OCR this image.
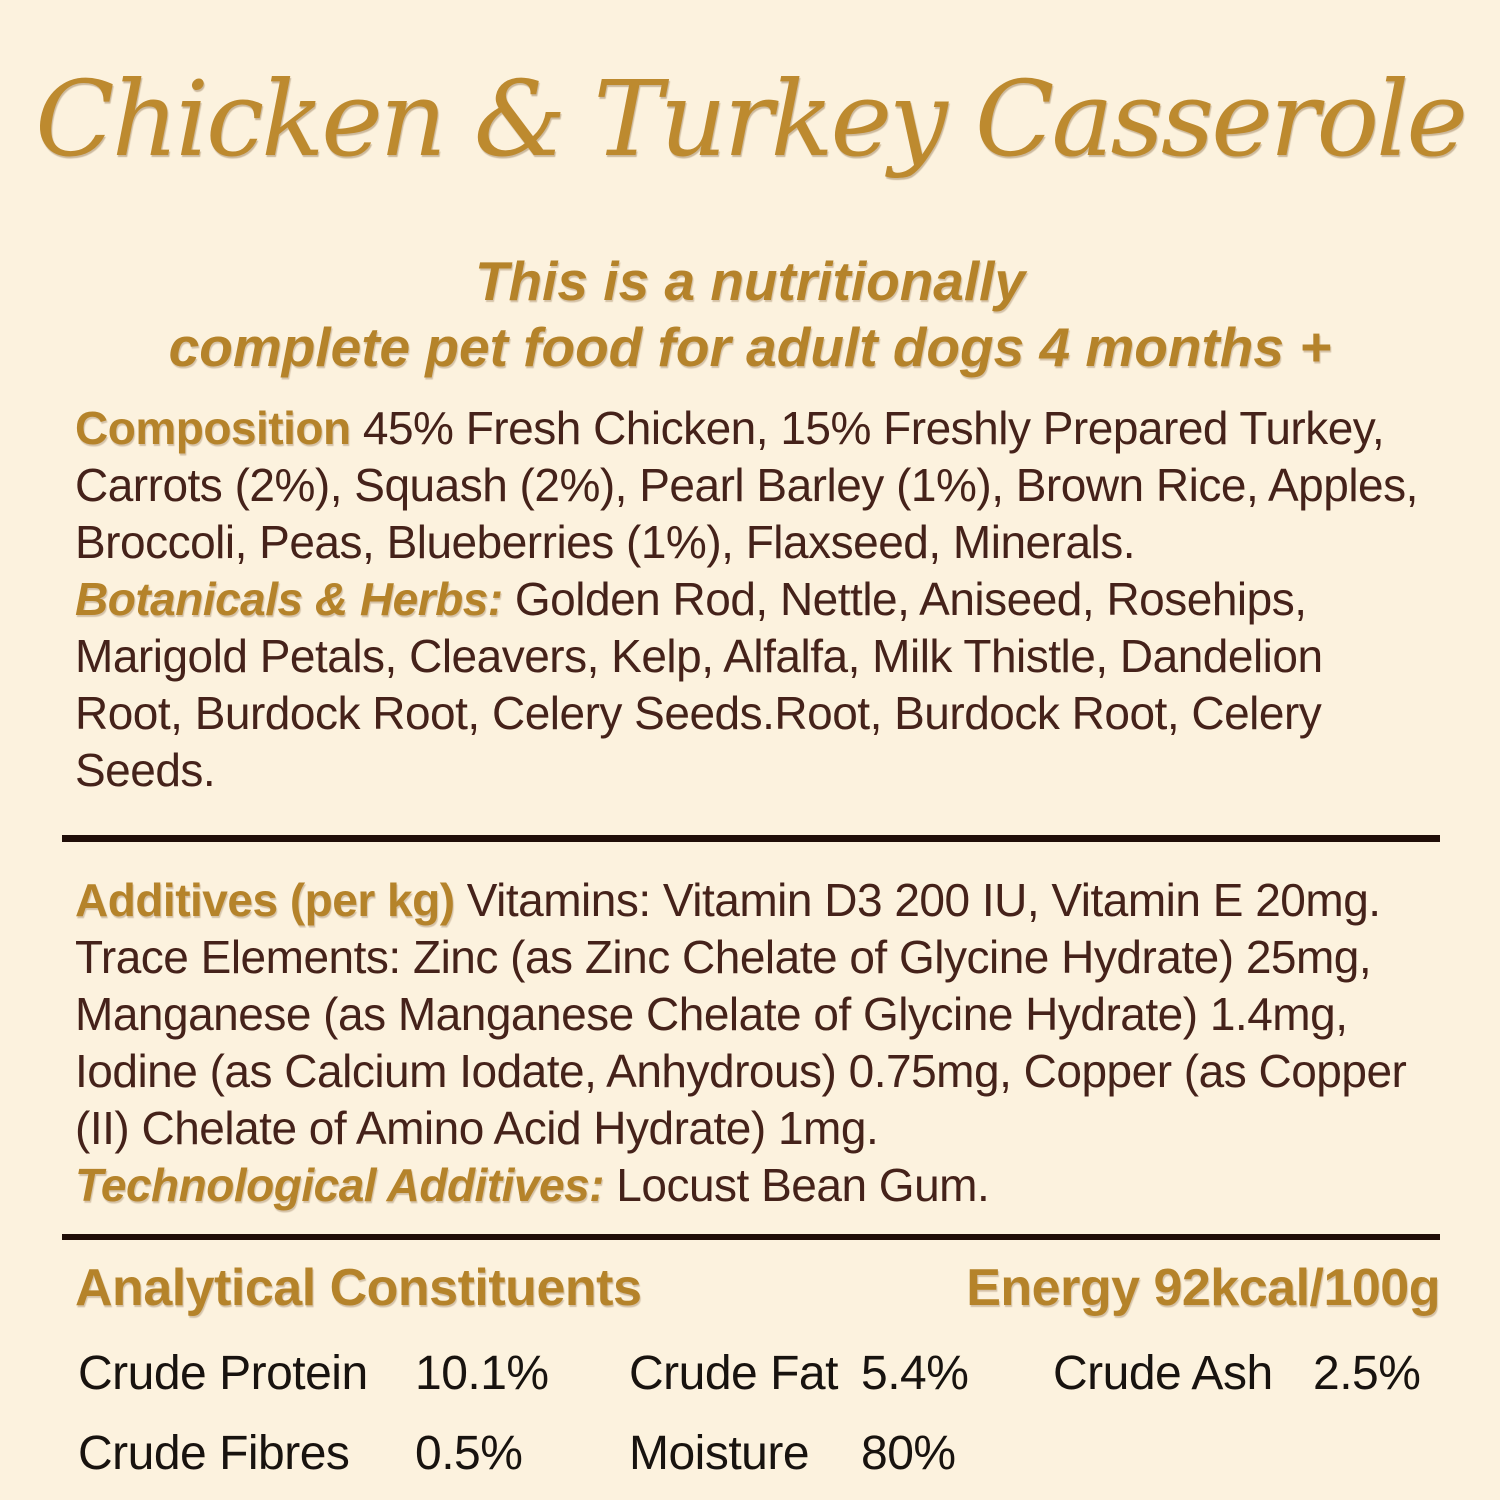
Chicken & Turkey Casserole
This is a nutritionally
complete pet food for adult dogs 4 months +

Composition 45% Fresh Chicken, 15% Freshly Prepared Turkey, Carrots (2%), Squash (2%), Pearl Barley (1%), Brown Rice, Apples, Broccoli, Peas, Blueberries (1%), Flaxseed, Minerals.

Botanicals & Herbs: Golden Rod, Nettle, Aniseed, Rosehips, Marigold Petals, Cleavers, Kelp, Alfalfa, Milk Thistle, Dandelion Root, Burdock Root, Celery Seeds.Root, Burdock Root, Celery Seeds.

Additives (per kg) Vitamins: Vitamin D3 200 IU, Vitamin E 20mg. Trace Elements: Zinc (as Zinc Chelate of Glycine Hydrate) 25mg, Manganese (as Manganese Chelate of Glycine Hydrate) 1.4mg, Iodine (as Calcium Iodate, Anhydrous) 0.75mg, Copper (as Copper (II) Chelate of Amino Acid Hydrate) 1mg.

Technological Additives: Locust Bean Gum.

Analytical Constituents	Energy 92kcal/100g
Crude Protein 10.1%	Crude Fat 5.4%	Crude Ash 2.5%
Crude Fibres	0.5%	Moisture	80%
